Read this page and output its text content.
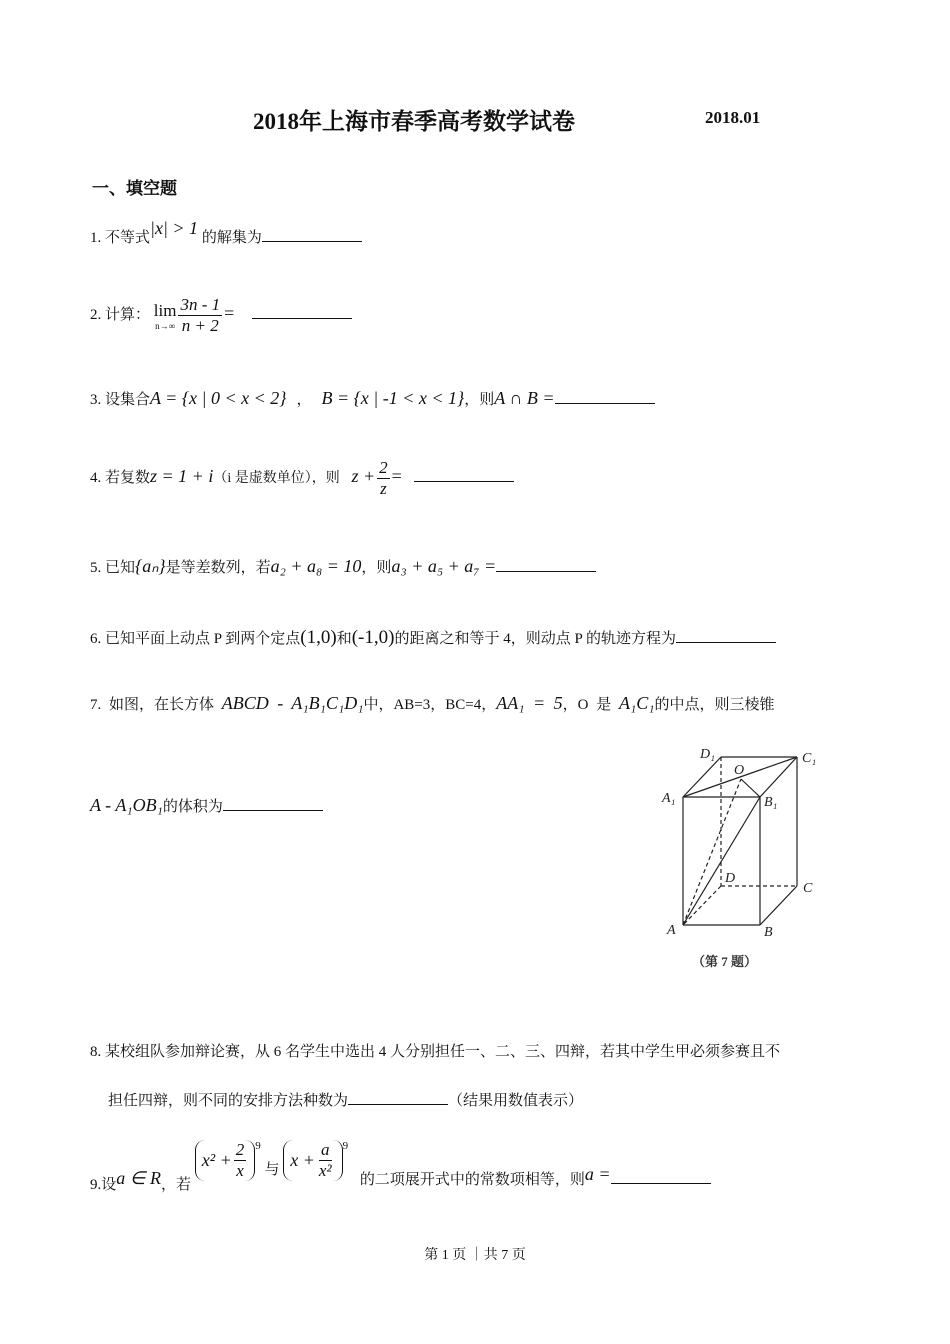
2018年上海市春季高考数学试卷	2018.01
一、填空题
1. 不等式|x| > 1 的解集为
2. 计算： lim
$n\to\infty \frac{3n - 1}{n + 2}$ =
3. 设集合A = {x | 0 < x < 2} ， B = {x | -1 < x < 1}，则A ∩ B =
4. 若复数z = 1 + i（i 是虚数单位），则 $z + \frac{2}{z}$ =
5. 已知{aₙ}是等差数列，若a₂ + a₈ = 10，则a₃ + a₅ + a₇ =
6. 已知平面上动点 P 到两个定点(1,0)和(-1,0)的距离之和等于 4，则动点 P 的轨迹方程为
7. 如图，在长方体 ABCD - A₁B₁C₁D₁中，AB=3，BC=4，AA₁ = 5，O 是 A₁C₁的中点，则三棱锥
A - A₁OB₁的体积为
D₁	C₁
O
A₁	B₁
D
C
A	B
（第 7 题）
8. 某校组队参加辩论赛，从 6 名学生中选出 4 人分别担任一、二、三、四辩，若其中学生甲必须参赛且不
担任四辩，则不同的安排方法种数为	（结果用数值表示）
9.设a ∈ R，若
$x^2 + \frac{2}{x} ^9$ 与 $x + \frac{a}{\text{x²}} ^9$ 的二项展开式中的常数项相等，则a =
第 1 页 ｜共 7 页
